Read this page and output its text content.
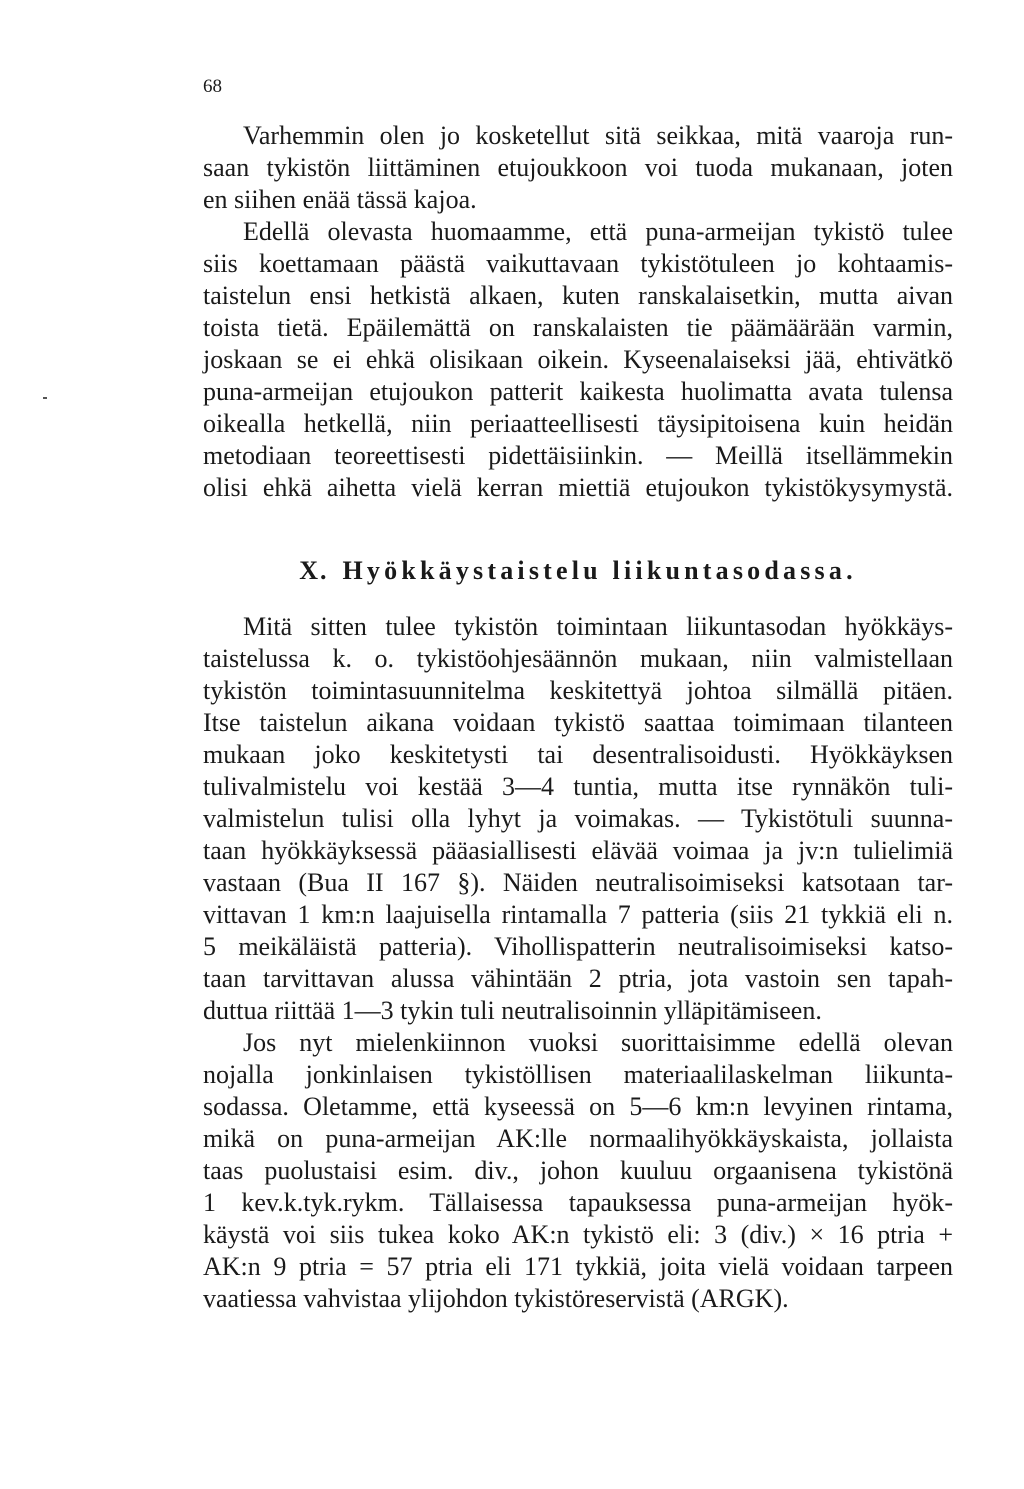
68
Varhemmin olen jo kosketellut sitä seikkaa, mitä vaaroja run-
saan tykistön liittäminen etujoukkoon voi tuoda mukanaan, joten
en siihen enää tässä kajoa.
Edellä olevasta huomaamme, että puna-armeijan tykistö tulee
siis koettamaan päästä vaikuttavaan tykistötuleen jo kohtaamis-
taistelun ensi hetkistä alkaen, kuten ranskalaisetkin, mutta aivan
toista tietä. Epäilemättä on ranskalaisten tie päämäärään varmin,
joskaan se ei ehkä olisikaan oikein. Kyseenalaiseksi jää, ehtivätkö
puna-armeijan etujoukon patterit kaikesta huolimatta avata tulensa
oikealla hetkellä, niin periaatteellisesti täysipitoisena kuin heidän
metodiaan teoreettisesti pidettäisiinkin. — Meillä itsellämmekin
olisi ehkä aihetta vielä kerran miettiä etujoukon tykistökysymystä.
X. Hyökkäystaistelu liikuntasodassa.
Mitä sitten tulee tykistön toimintaan liikuntasodan hyökkäys-
taistelussa k. o. tykistöohjesäännön mukaan, niin valmistellaan
tykistön toimintasuunnitelma keskitettyä johtoa silmällä pitäen.
Itse taistelun aikana voidaan tykistö saattaa toimimaan tilanteen
mukaan joko keskitetysti tai desentralisoidusti. Hyökkäyksen
tulivalmistelu voi kestää 3—4 tuntia, mutta itse rynnäkön tuli-
valmistelun tulisi olla lyhyt ja voimakas. — Tykistötuli suunna-
taan hyökkäyksessä pääasiallisesti elävää voimaa ja jv:n tulielimiä
vastaan (Bua II 167 §). Näiden neutralisoimiseksi katsotaan tar-
vittavan 1 km:n laajuisella rintamalla 7 patteria (siis 21 tykkiä eli n.
5 meikäläistä patteria). Vihollispatterin neutralisoimiseksi katso-
taan tarvittavan alussa vähintään 2 ptria, jota vastoin sen tapah-
duttua riittää 1—3 tykin tuli neutralisoinnin ylläpitämiseen.
Jos nyt mielenkiinnon vuoksi suorittaisimme edellä olevan
nojalla jonkinlaisen tykistöllisen materiaalilaskelman liikunta-
sodassa. Oletamme, että kyseessä on 5—6 km:n levyinen rintama,
mikä on puna-armeijan AK:lle normaalihyökkäyskaista, jollaista
taas puolustaisi esim. div., johon kuuluu orgaanisena tykistönä
1 kev.k.tyk.rykm. Tällaisessa tapauksessa puna-armeijan hyök-
käystä voi siis tukea koko AK:n tykistö eli: 3 (div.) × 16 ptria +
AK:n 9 ptria = 57 ptria eli 171 tykkiä, joita vielä voidaan tarpeen
vaatiessa vahvistaa ylijohdon tykistöreservistä (ARGK).
